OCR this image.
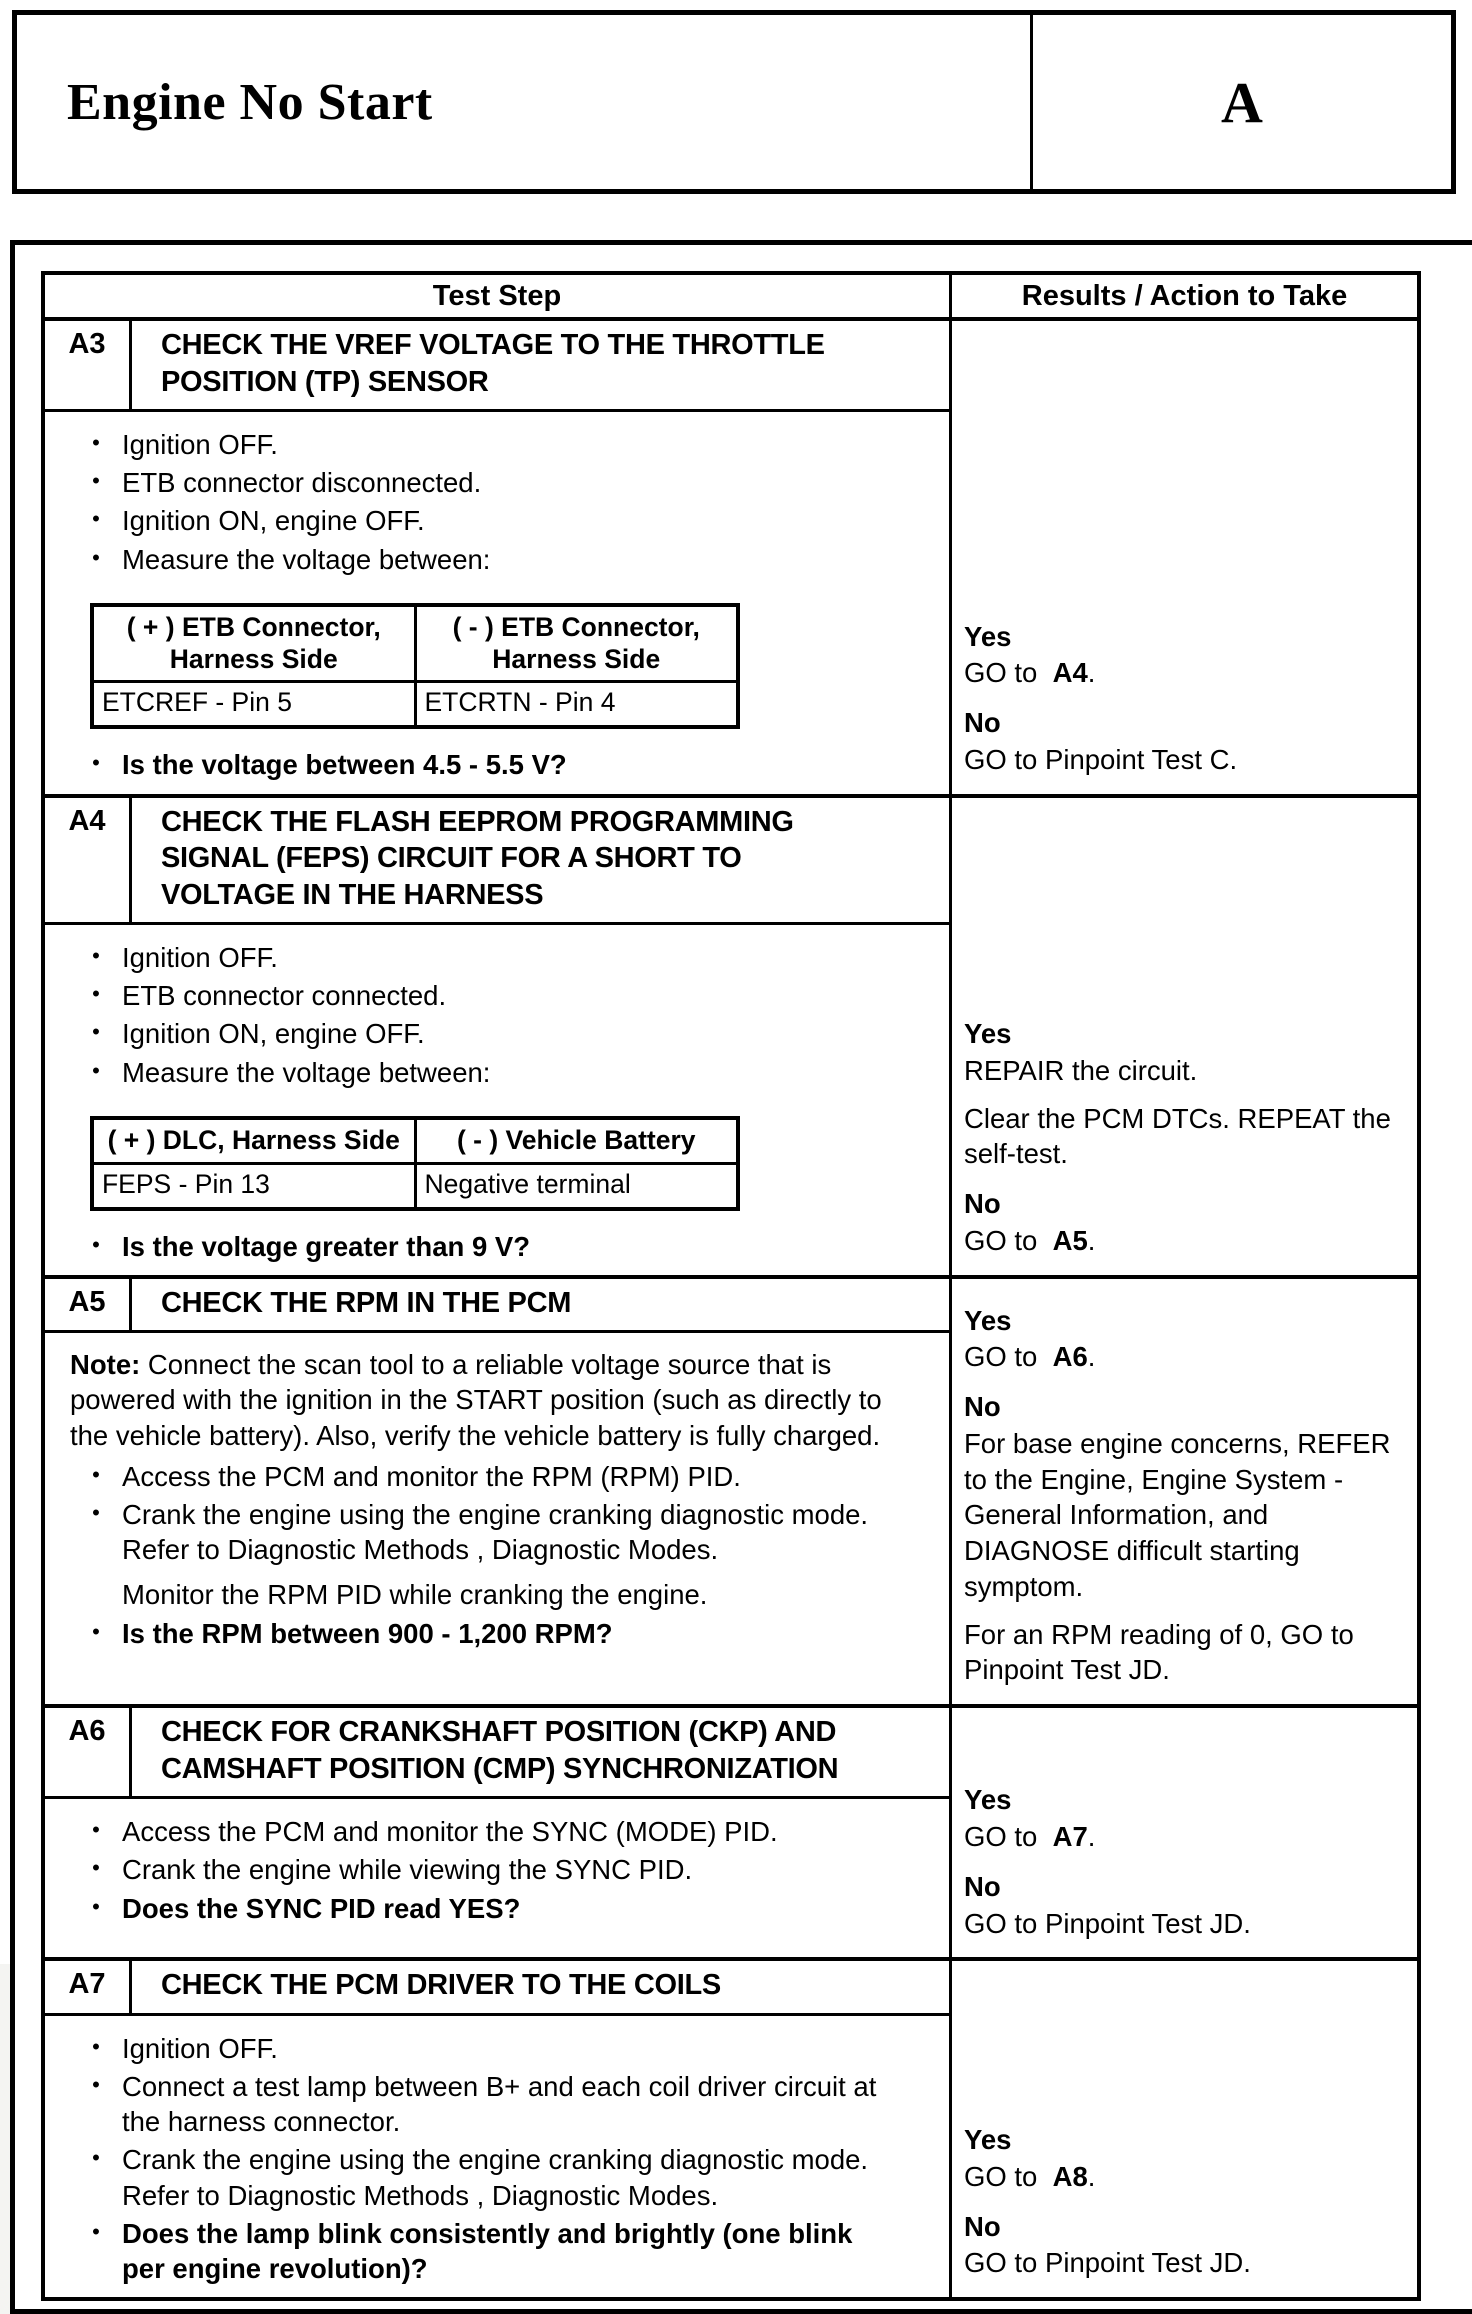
Engine No Start	A
Test Step	Results / Action to Take
A3	CHECK THE VREF VOLTAGE TO THE THROTTLE POSITION (TP) SENSOR
• Ignition OFF.
• ETB connector disconnected.
• Ignition ON, engine OFF.
• Measure the voltage between:
( + ) ETB Connector, Harness Side	( - ) ETB Connector, Harness Side
ETCREF - Pin 5	ETCRTN - Pin 4
• Is the voltage between 4.5 - 5.5 V?
Yes
GO to  A4.
No
GO to Pinpoint Test C.
A4	CHECK THE FLASH EEPROM PROGRAMMING SIGNAL (FEPS) CIRCUIT FOR A SHORT TO VOLTAGE IN THE HARNESS
• Ignition OFF.
• ETB connector connected.
• Ignition ON, engine OFF.
• Measure the voltage between:
( + ) DLC, Harness Side	( - ) Vehicle Battery
FEPS - Pin 13	Negative terminal
• Is the voltage greater than 9 V?
Yes
REPAIR the circuit.
Clear the PCM DTCs. REPEAT the self-test.
No
GO to  A5.
A5	CHECK THE RPM IN THE PCM
Note: Connect the scan tool to a reliable voltage source that is powered with the ignition in the START position (such as directly to the vehicle battery). Also, verify the vehicle battery is fully charged.
• Access the PCM and monitor the RPM (RPM) PID.
• Crank the engine using the engine cranking diagnostic mode. Refer to Diagnostic Methods , Diagnostic Modes.
Monitor the RPM PID while cranking the engine.
• Is the RPM between 900 - 1,200 RPM?
Yes
GO to  A6.
No
For base engine concerns, REFER to the Engine, Engine System - General Information, and DIAGNOSE difficult starting symptom.
For an RPM reading of 0, GO to Pinpoint Test JD.
A6	CHECK FOR CRANKSHAFT POSITION (CKP) AND CAMSHAFT POSITION (CMP) SYNCHRONIZATION
• Access the PCM and monitor the SYNC (MODE) PID.
• Crank the engine while viewing the SYNC PID.
• Does the SYNC PID read YES?
Yes
GO to  A7.
No
GO to Pinpoint Test JD.
A7	CHECK THE PCM DRIVER TO THE COILS
• Ignition OFF.
• Connect a test lamp between B+ and each coil driver circuit at the harness connector.
• Crank the engine using the engine cranking diagnostic mode. Refer to Diagnostic Methods , Diagnostic Modes.
• Does the lamp blink consistently and brightly (one blink per engine revolution)?
Yes
GO to  A8.
No
GO to Pinpoint Test JD.
